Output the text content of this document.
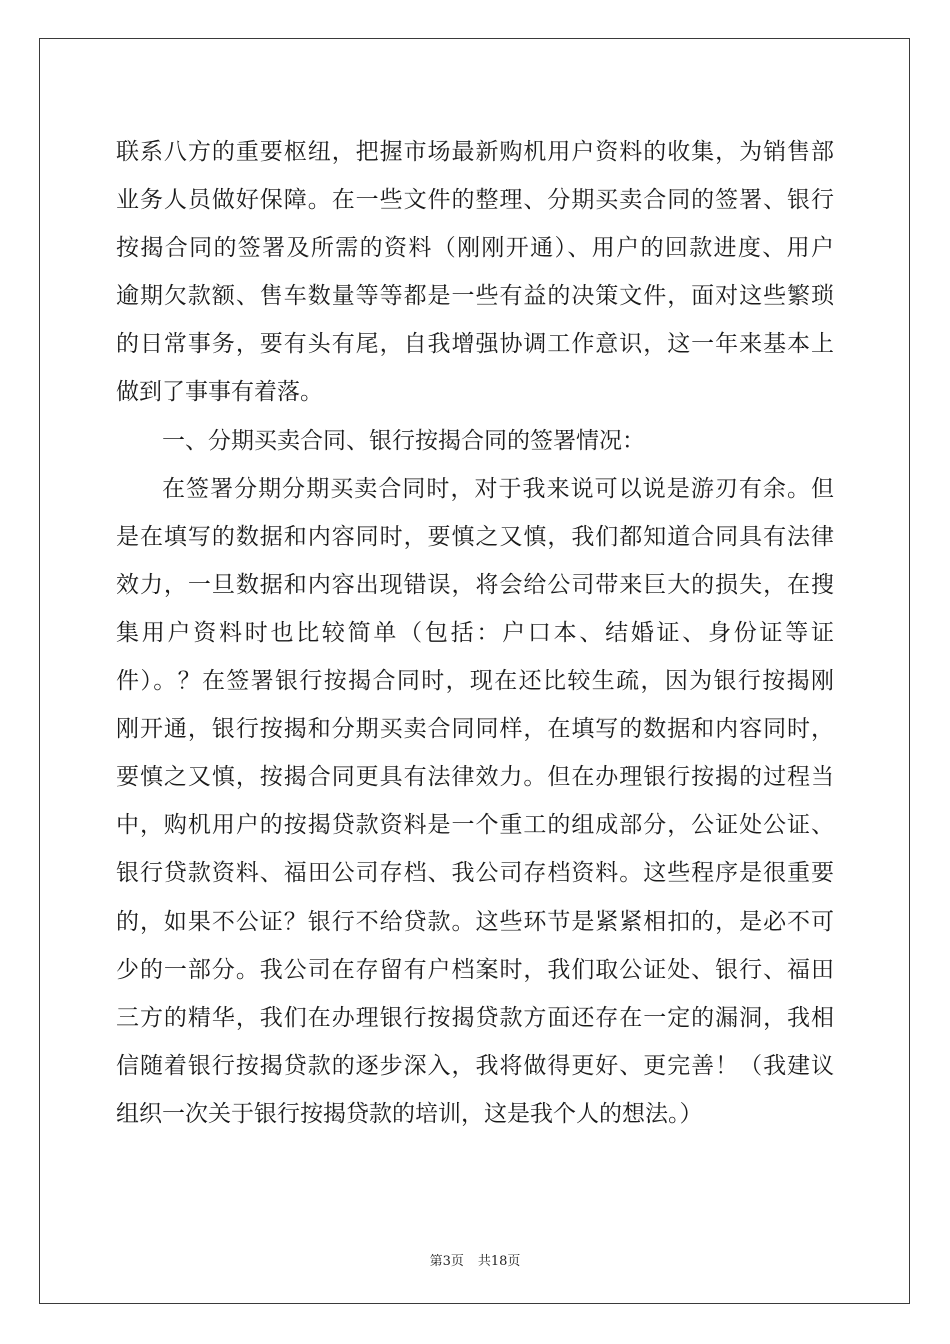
联系八方的重要枢纽，把握市场最新购机用户资料的收集，为销售部
业务人员做好保障。在一些文件的整理、分期买卖合同的签署、银行
按揭合同的签署及所需的资料（刚刚开通）、用户的回款进度、用户
逾期欠款额、售车数量等等都是一些有益的决策文件，面对这些繁琐
的日常事务，要有头有尾，自我增强协调工作意识，这一年来基本上
做到了事事有着落。
一、分期买卖合同、银行按揭合同的签署情况：
在签署分期分期买卖合同时，对于我来说可以说是游刃有余。但
是在填写的数据和内容同时，要慎之又慎，我们都知道合同具有法律
效力，一旦数据和内容出现错误，将会给公司带来巨大的损失，在搜
集用户资料时也比较简单（包括：户口本、结婚证、身份证等证
件）。？在签署银行按揭合同时，现在还比较生疏，因为银行按揭刚
刚开通，银行按揭和分期买卖合同同样，在填写的数据和内容同时，
要慎之又慎，按揭合同更具有法律效力。但在办理银行按揭的过程当
中，购机用户的按揭贷款资料是一个重工的组成部分，公证处公证、
银行贷款资料、福田公司存档、我公司存档资料。这些程序是很重要
的，如果不公证？银行不给贷款。这些环节是紧紧相扣的，是必不可
少的一部分。我公司在存留有户档案时，我们取公证处、银行、福田
三方的精华，我们在办理银行按揭贷款方面还存在一定的漏洞，我相
信随着银行按揭贷款的逐步深入，我将做得更好、更完善！（我建议
组织一次关于银行按揭贷款的培训，这是我个人的想法。）
第3页 共18页
